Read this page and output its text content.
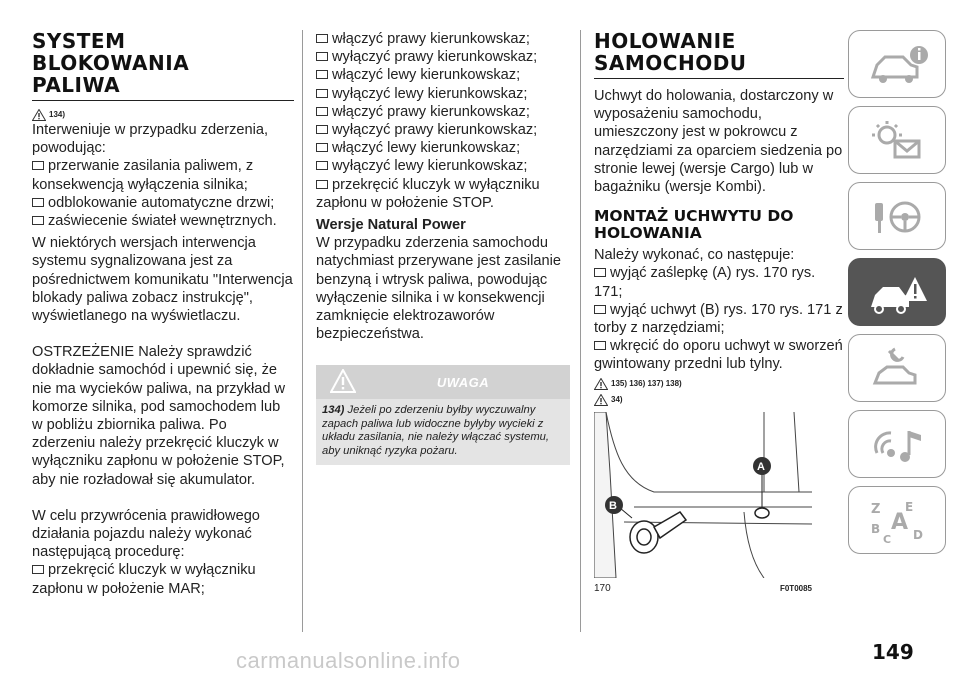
SYSTEM
BLOKOWANIA
PALIWA
134)

Interweniuje w przypadku zderzenia, powodując:

przerwanie zasilania paliwem, z konsekwencją wyłączenia silnika;

odblokowanie automatyczne drzwi;

zaświecenie świateł wewnętrznych.

W niektórych wersjach interwencja systemu sygnalizowana jest za pośrednictwem komunikatu "Interwencja blokady paliwa zobacz instrukcję", wyświetlanego na wyświetlaczu.

OSTRZEŻENIE Należy sprawdzić dokładnie samochód i upewnić się, że nie ma wycieków paliwa, na przykład w komorze silnika, pod samochodem lub w pobliżu zbiornika paliwa. Po zderzeniu należy przekręcić kluczyk w wyłączniku zapłonu w położenie STOP, aby nie rozładował się akumulator.

W celu przywrócenia prawidłowego działania pojazdu należy wykonać następującą procedurę:

przekręcić kluczyk w wyłączniku zapłonu w położenie MAR;

włączyć prawy kierunkowskaz;

wyłączyć prawy kierunkowskaz;

włączyć lewy kierunkowskaz;

wyłączyć lewy kierunkowskaz;

włączyć prawy kierunkowskaz;

wyłączyć prawy kierunkowskaz;

włączyć lewy kierunkowskaz;

wyłączyć lewy kierunkowskaz;

przekręcić kluczyk w wyłączniku zapłonu w położenie STOP.

Wersje Natural Power

W przypadku zderzenia samochodu natychmiast przerywane jest zasilanie benzyną i wtrysk paliwa, powodując wyłączenie silnika i w konsekwencji zamknięcie elektrozaworów bezpieczeństwa.

UWAGA
134) Jeżeli po zderzeniu byłby wyczuwalny zapach paliwa lub widoczne byłyby wycieki z układu zasilania, nie należy włączać systemu, aby uniknąć ryzyka pożaru.
HOLOWANIE
SAMOCHODU

Uchwyt do holowania, dostarczony w wyposażeniu samochodu, umieszczony jest w pokrowcu z narzędziami za oparciem siedzenia po stronie lewej (wersje Cargo) lub w bagażniku (wersje Kombi).

MONTAŻ UCHWYTU DO
HOLOWANIA

Należy wykonać, co następuje:

wyjąć zaślepkę (A) rys. 170 rys. 171;

wyjąć uchwyt (B) rys. 170 rys. 171 z torby z narzędziami;

wkręcić do oporu uchwyt w sworzeń gwintowany przedni lub tylny.

135) 136) 137) 138)
34)
A
B
170	F0T0085
Z E
B A
C D
149
carmanualsonline.info
